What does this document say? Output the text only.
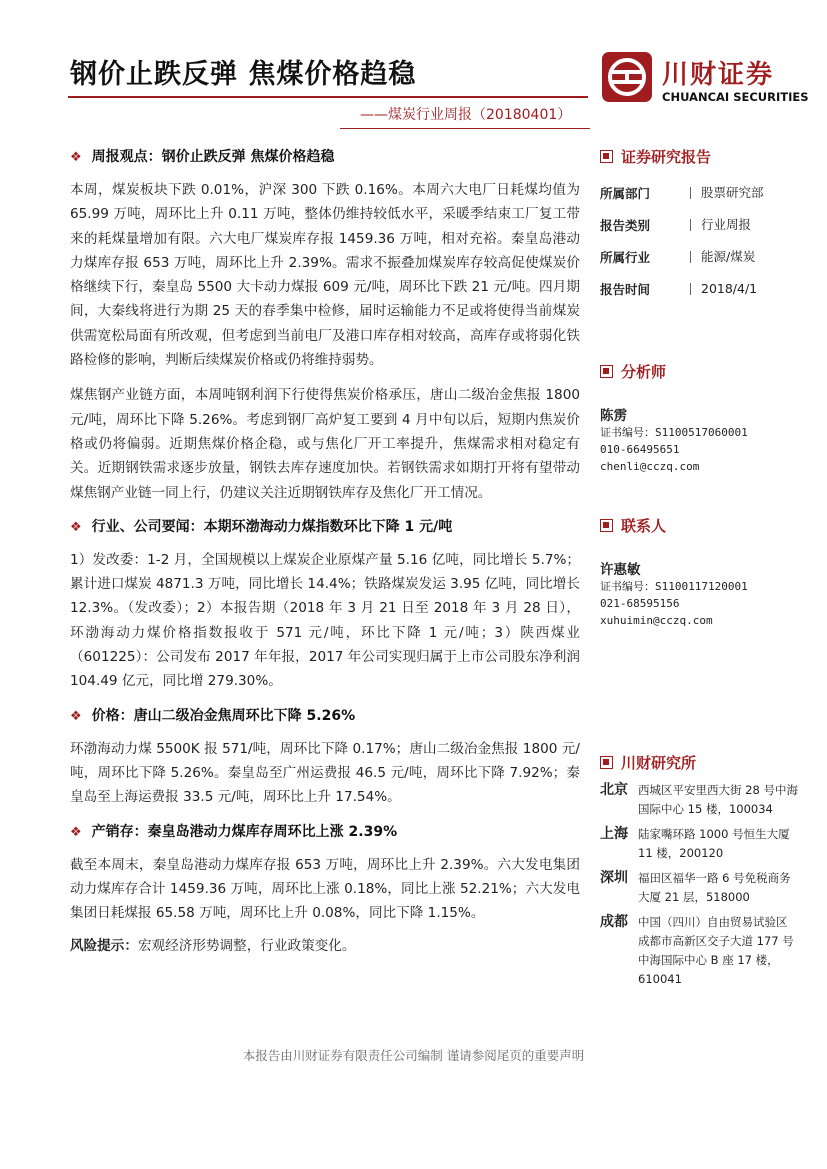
钢价止跌反弹 焦煤价格趋稳
——煤炭行业周报（20180401）
川财证券
CHUANCAI SECURITIES
❖ 周报观点：钢价止跌反弹 焦煤价格趋稳

本周，煤炭板块下跌 0.01%，沪深 300 下跌 0.16%。本周六大电厂日耗煤均值为 65.99 万吨，周环比上升 0.11 万吨，整体仍维持较低水平，采暖季结束工厂复工带来的耗煤量增加有限。六大电厂煤炭库存报 1459.36 万吨，相对充裕。秦皇岛港动力煤库存报 653 万吨，周环比上升 2.39%。需求不振叠加煤炭库存较高促使煤炭价格继续下行，秦皇岛 5500 大卡动力煤报 609 元/吨，周环比下跌 21 元/吨。四月期间，大秦线将进行为期 25 天的春季集中检修，届时运输能力不足或将使得当前煤炭供需宽松局面有所改观，但考虑到当前电厂及港口库存相对较高，高库存或将弱化铁路检修的影响，判断后续煤炭价格或仍将维持弱势。

煤焦钢产业链方面，本周吨钢利润下行使得焦炭价格承压，唐山二级冶金焦报 1800 元/吨，周环比下降 5.26%。考虑到钢厂高炉复工要到 4 月中旬以后，短期内焦炭价格或仍将偏弱。近期焦煤价格企稳，或与焦化厂开工率提升，焦煤需求相对稳定有关。近期钢铁需求逐步放量，钢铁去库存速度加快。若钢铁需求如期打开将有望带动煤焦钢产业链一同上行，仍建议关注近期钢铁库存及焦化厂开工情况。

❖ 行业、公司要闻：本期环渤海动力煤指数环比下降 1 元/吨

1）发改委：1-2 月，全国规模以上煤炭企业原煤产量 5.16 亿吨，同比增长 5.7%；累计进口煤炭 4871.3 万吨，同比增长 14.4%；铁路煤炭发运 3.95 亿吨，同比增长 12.3%。（发改委）；2）本报告期（2018 年 3 月 21 日至 2018 年 3 月 28 日），环渤海动力煤价格指数报收于 571 元/吨，环比下降 1 元/吨；3）陕西煤业（601225）：公司发布 2017 年年报，2017 年公司实现归属于上市公司股东净利润 104.49 亿元，同比增 279.30%。

❖ 价格：唐山二级冶金焦周环比下降 5.26%

环渤海动力煤 5500K 报 571/吨，周环比下降 0.17%；唐山二级冶金焦报 1800 元/吨，周环比下降 5.26%。秦皇岛至广州运费报 46.5 元/吨，周环比下降 7.92%；秦皇岛至上海运费报 33.5 元/吨，周环比上升 17.54%。

❖ 产销存：秦皇岛港动力煤库存周环比上涨 2.39%

截至本周末，秦皇岛港动力煤库存报 653 万吨，周环比上升 2.39%。六大发电集团动力煤库存合计 1459.36 万吨，周环比上涨 0.18%，同比上涨 52.21%；六大发电集团日耗煤报 65.58 万吨，周环比上升 0.08%，同比下降 1.15%。

风险提示：宏观经济形势调整，行业政策变化。
证券研究报告
所属部门	股票研究部
报告类别	行业周报
所属行业	能源/煤炭
报告时间	2018/4/1
分析师
陈雳
证书编号：S1100517060001
010-66495651
chenli@cczq.com
联系人
许惠敏
证书编号：S1100117120001
021-68595156
xuhuimin@cczq.com
川财研究所
北京 西城区平安里西大街 28 号中海国际中心 15 楼，100034
上海 陆家嘴环路 1000 号恒生大厦 11 楼，200120
深圳 福田区福华一路 6 号免税商务大厦 21 层，518000
成都 中国（四川）自由贸易试验区成都市高新区交子大道 177 号中海国际中心 B 座 17 楼，610041
本报告由川财证券有限责任公司编制 谨请参阅尾页的重要声明
